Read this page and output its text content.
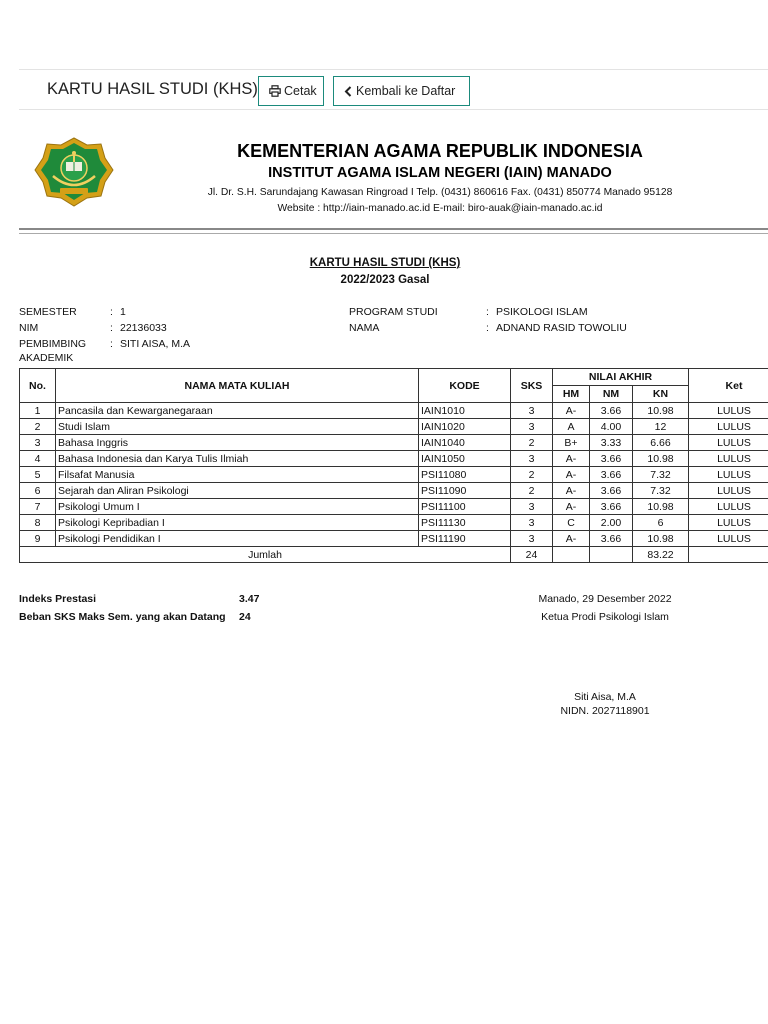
KARTU HASIL STUDI (KHS)	Cetak	Kembali ke Daftar
KEMENTERIAN AGAMA REPUBLIK INDONESIA
INSTITUT AGAMA ISLAM NEGERI (IAIN) MANADO
Jl. Dr. S.H. Sarundajang Kawasan Ringroad I Telp. (0431) 860616 Fax. (0431) 850774 Manado 95128
Website : http://iain-manado.ac.id E-mail: biro-auak@iain-manado.ac.id
KARTU HASIL STUDI (KHS)
2022/2023 Gasal
SEMESTER	: 1
NIM	: 22136033
PEMBIMBING
AKADEMIK
: SITI AISA, M.A
PROGRAM STUDI	: PSIKOLOGI ISLAM
NAMA	: ADNAND RASID TOWOLIU
No.	NAMA MATA KULIAH	KODE	SKS	NILAI AKHIR			Ket
				HM	NM	KN	
1	Pancasila dan Kewarganegaraan	IAIN1010	3	A-	3.66	10.98	LULUS
2	Studi Islam	IAIN1020	3	A	4.00	12	LULUS
3	Bahasa Inggris	IAIN1040	2	B+	3.33	6.66	LULUS
4	Bahasa Indonesia dan Karya Tulis Ilmiah	IAIN1050	3	A-	3.66	10.98	LULUS
5	Filsafat Manusia	PSI11080	2	A-	3.66	7.32	LULUS
6	Sejarah dan Aliran Psikologi	PSI11090	2	A-	3.66	7.32	LULUS
7	Psikologi Umum I	PSI11100	3	A-	3.66	10.98	LULUS
8	Psikologi Kepribadian I	PSI11130	3	C	2.00	6	LULUS
9	Psikologi Pendidikan I	PSI11190	3	A-	3.66	10.98	LULUS
Jumlah			24			83.22	
Indeks Prestasi	3.47
Beban SKS Maks Sem. yang akan Datang 24
Manado, 29 Desember 2022
Ketua Prodi Psikologi Islam
Siti Aisa, M.A
NIDN. 2027118901
